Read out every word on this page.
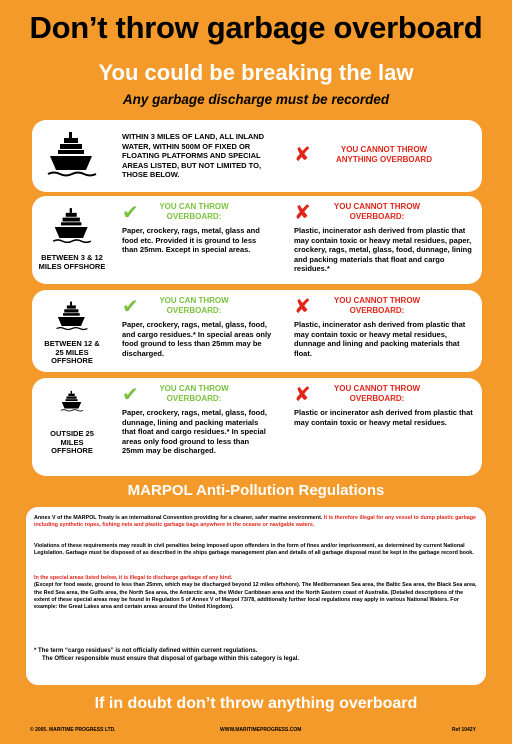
Don’t throw garbage overboard
You could be breaking the law
Any garbage discharge must be recorded
WITHIN 3 MILES OF LAND, ALL INLAND WATER, WITHIN 500M OF FIXED OR FLOATING PLATFORMS AND SPECIAL AREAS LISTED, BUT NOT LIMITED TO, THOSE BELOW.
✘	YOU CANNOT THROW ANYTHING OVERBOARD
BETWEEN 3 & 12 MILES OFFSHORE
✔	YOU CAN THROW OVERBOARD:
Paper, crockery, rags, metal, glass and food etc. Provided it is ground to less than 25mm. Except in special areas.
✘	YOU CANNOT THROW OVERBOARD:
Plastic, incinerator ash derived from plastic that may contain toxic or heavy metal residues, paper, crockery, rags, metal, glass, food, dunnage, lining and packing materials that float and cargo residues.*
BETWEEN 12 & 25 MILES OFFSHORE
✔	YOU CAN THROW OVERBOARD:
Paper, crockery, rags, metal, glass, food, and cargo residues.* In special areas only food ground to less than 25mm may be discharged.
✘	YOU CANNOT THROW OVERBOARD:
Plastic, incinerator ash derived from plastic that may contain toxic or heavy metal residues, dunnage and lining and packing materials that float.
OUTSIDE 25 MILES OFFSHORE
✔	YOU CAN THROW OVERBOARD:
Paper, crockery, rags, metal, glass, food, dunnage, lining and packing materials that float and cargo residues.* In special areas only food ground to less than 25mm may be discharged.
✘	YOU CANNOT THROW OVERBOARD:
Plastic or incinerator ash derived from plastic that may contain toxic or heavy metal residues.
MARPOL Anti-Pollution Regulations
Annex V of the MARPOL Treaty is an international Convention providing for a cleaner, safer marine environment. It is therefore illegal for any vessel to dump plastic garbage including synthetic ropes, fishing nets and plastic garbage bags anywhere in the oceans or navigable waters.
Violations of these requirements may result in civil penalties being imposed upon offenders in the form of fines and/or imprisonment, as determined by current National Legislation. Garbage must be disposed of as described in the ships garbage management plan and details of all garbage disposal must be kept in the garbage record book.
In the special areas listed below, it is illegal to discharge garbage of any kind.
(Except for food waste, ground to less than 25mm, which may be discharged beyond 12 miles offshore). The Mediterranean Sea area, the Baltic Sea area, the Black Sea area, the Red Sea area, the Gulfs area, the North Sea area, the Antarctic area, the Wider Caribbean area and the North Eastern coast of Australia. (Detailed descriptions of the extent of these special areas may be found in Regulation 5 of Annex V of Marpol 73/78, additionally further local regulations may apply in various National Waters. For example: the Great Lakes area and certain areas around the United Kingdom).
* The term “cargo residues” is not officially defined within current regulations.
The Officer responsible must ensure that disposal of garbage within this category is legal.
If in doubt don’t throw anything overboard
© 2005. MARITIME PROGRESS LTD.	WWW.MARITIMEPROGRESS.COM	Ref 1042Y
